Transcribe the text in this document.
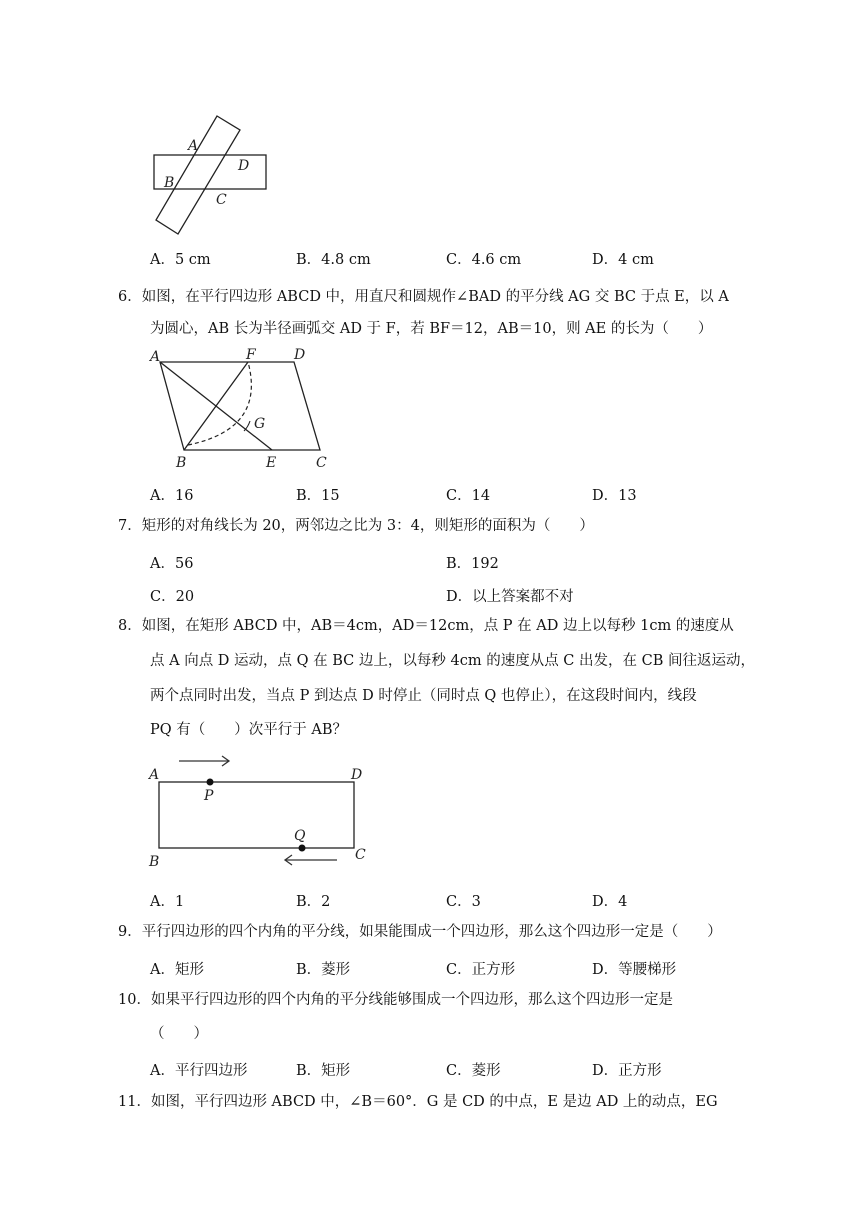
A
D
B
C
A．5 cm	B．4.8 cm	C．4.6 cm	D．4 cm
6．如图，在平行四边形 ABCD 中，用直尺和圆规作∠BAD 的平分线 AG 交 BC 于点 E，以 A
为圆心，AB 长为半径画弧交 AD 于 F，若 BF＝12，AB＝10，则 AE 的长为（　　）
A	F	D
G
B	E	C
A．16	B．15	C．14	D．13
7．矩形的对角线长为 20，两邻边之比为 3：4，则矩形的面积为（　　）
A．56	B．192
C．20	D．以上答案都不对
8．如图，在矩形 ABCD 中，AB＝4cm，AD＝12cm，点 P 在 AD 边上以每秒 1cm 的速度从
点 A 向点 D 运动，点 Q 在 BC 边上，以每秒 4cm 的速度从点 C 出发，在 CB 间往返运动，
两个点同时出发，当点 P 到达点 D 时停止（同时点 Q 也停止），在这段时间内，线段
PQ 有（　　）次平行于 AB？
A	D
P
Q
B	C
A．1	B．2	C．3	D．4
9．平行四边形的四个内角的平分线，如果能围成一个四边形，那么这个四边形一定是（　　）
A．矩形	B．菱形	C．正方形	D．等腰梯形
10．如果平行四边形的四个内角的平分线能够围成一个四边形，那么这个四边形一定是
（　　）
A．平行四边形	B．矩形	C．菱形	D．正方形
11．如图，平行四边形 ABCD 中，∠B＝60°．G 是 CD 的中点，E 是边 AD 上的动点，EG
